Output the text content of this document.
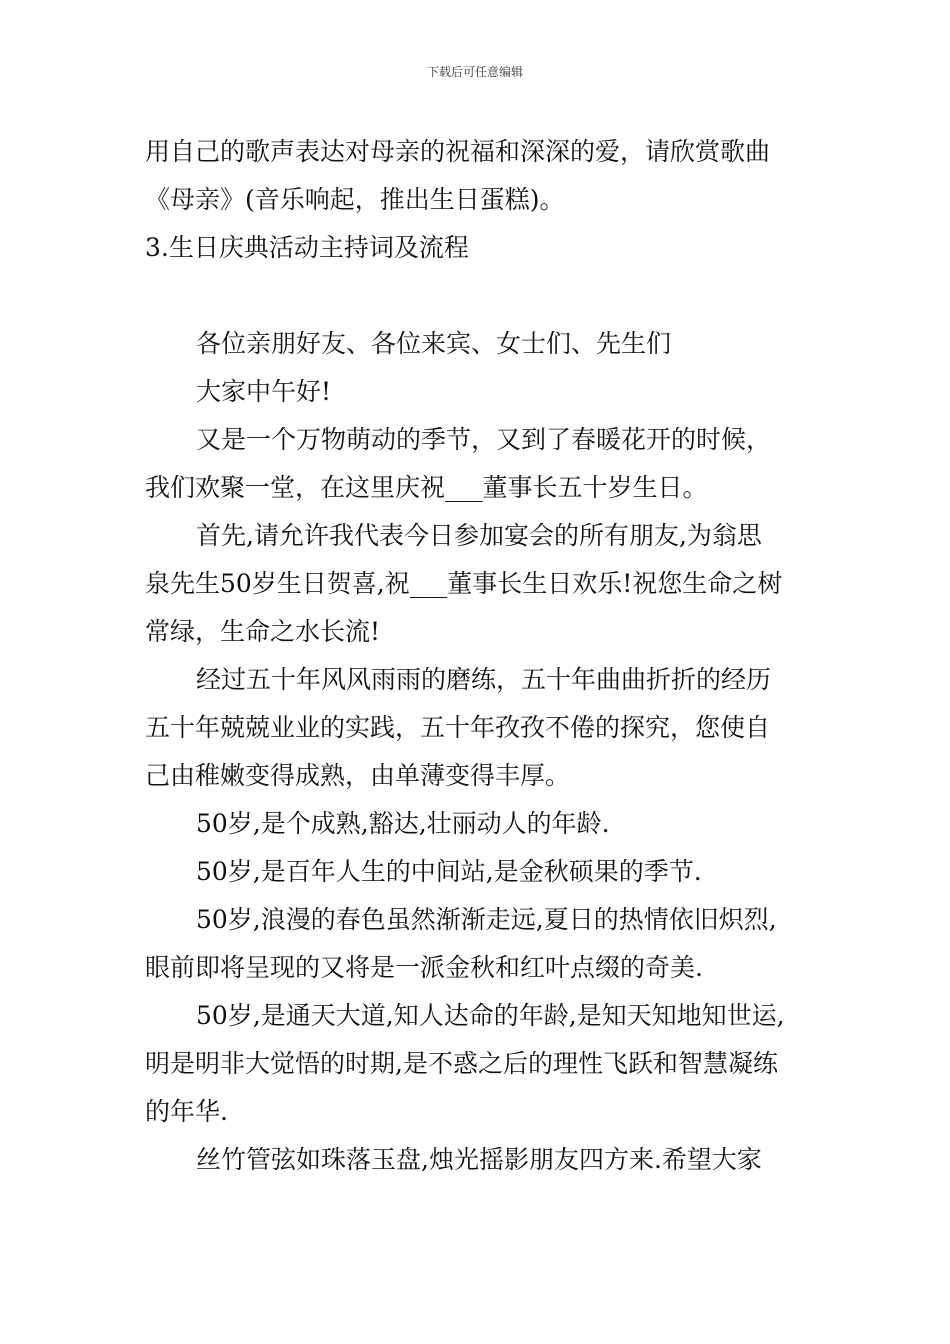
下载后可任意编辑
用自己的歌声表达对母亲的祝福和深深的爱，请欣赏歌曲
《母亲》(音乐响起，推出生日蛋糕)。
3.生日庆典活动主持词及流程
各位亲朋好友、各位来宾、女士们、先生们
大家中午好!
又是一个万物萌动的季节，又到了春暖花开的时候，
我们欢聚一堂，在这里庆祝___董事长五十岁生日。
首先,请允许我代表今日参加宴会的所有朋友,为翁思
泉先生50岁生日贺喜,祝___董事长生日欢乐!祝您生命之树
常绿，生命之水长流!
经过五十年风风雨雨的磨练，五十年曲曲折折的经历
五十年兢兢业业的实践，五十年孜孜不倦的探究，您使自
己由稚嫩变得成熟，由单薄变得丰厚。
50岁,是个成熟,豁达,壮丽动人的年龄.
50岁,是百年人生的中间站,是金秋硕果的季节.
50岁,浪漫的春色虽然渐渐走远,夏日的热情依旧炽烈,
眼前即将呈现的又将是一派金秋和红叶点缀的奇美.
50岁,是通天大道,知人达命的年龄,是知天知地知世运,
明是明非大觉悟的时期,是不惑之后的理性飞跃和智慧凝练
的年华.
丝竹管弦如珠落玉盘,烛光摇影朋友四方来.希望大家
